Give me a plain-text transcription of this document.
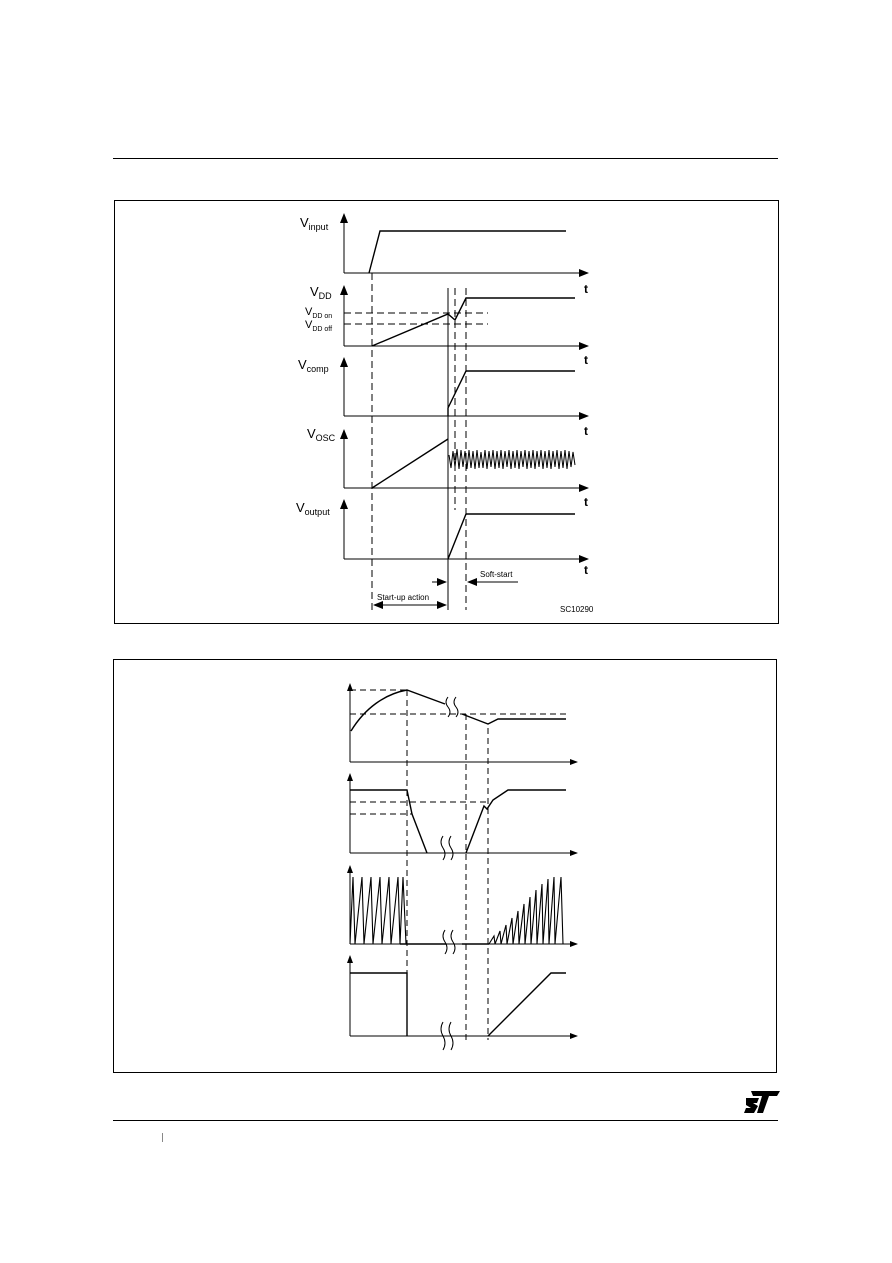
$V_{input}$
$V_{DD}$
$V_{DD on}$
$V_{DD off}$
$V_{comp}$
$V_{OSC}$
$V_{output}$
t
t
t
t
t
Soft-start
Start-up action
SC10290
